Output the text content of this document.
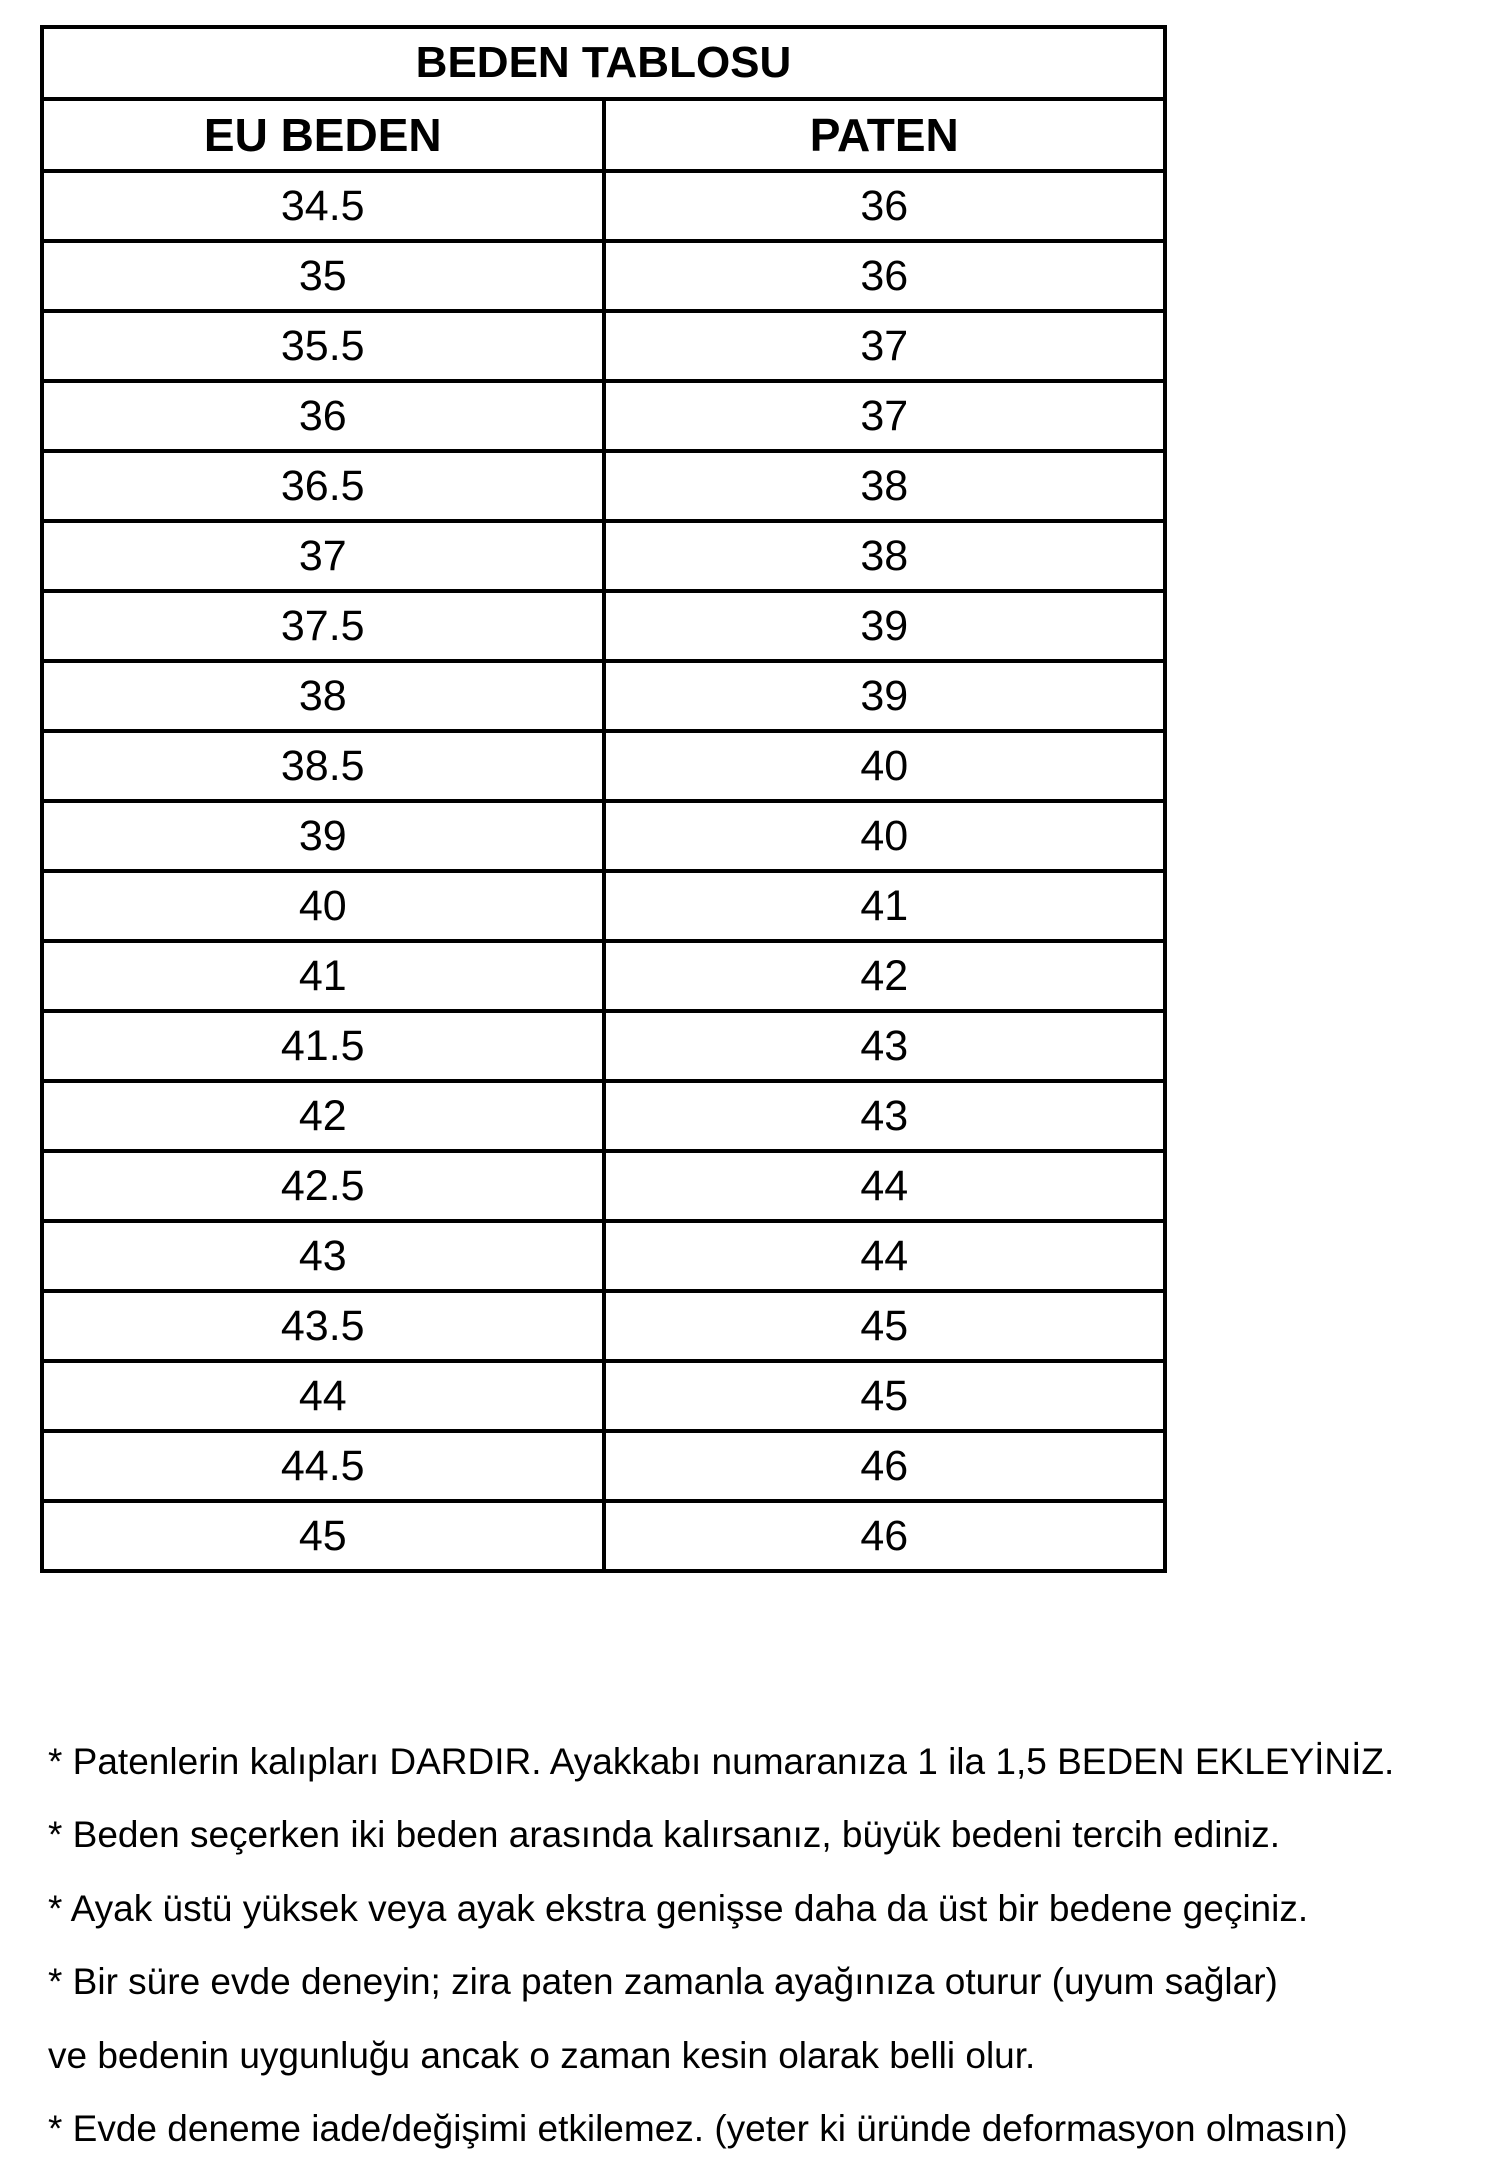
BEDEN TABLOSU	
EU BEDEN	PATEN
34.5	36
35	36
35.5	37
36	37
36.5	38
37	38
37.5	39
38	39
38.5	40
39	40
40	41
41	42
41.5	43
42	43
42.5	44
43	44
43.5	45
44	45
44.5	46
45	46
* Patenlerin kalıpları DARDIR. Ayakkabı numaranıza 1 ila 1,5 BEDEN EKLEYİNİZ.
* Beden seçerken iki beden arasında kalırsanız, büyük bedeni tercih ediniz.
* Ayak üstü yüksek veya ayak ekstra genişse daha da üst bir bedene geçiniz.
* Bir süre evde deneyin; zira paten zamanla ayağınıza oturur (uyum sağlar)
ve bedenin uygunluğu ancak o zaman kesin olarak belli olur.
* Evde deneme iade/değişimi etkilemez. (yeter ki üründe deformasyon olmasın)
